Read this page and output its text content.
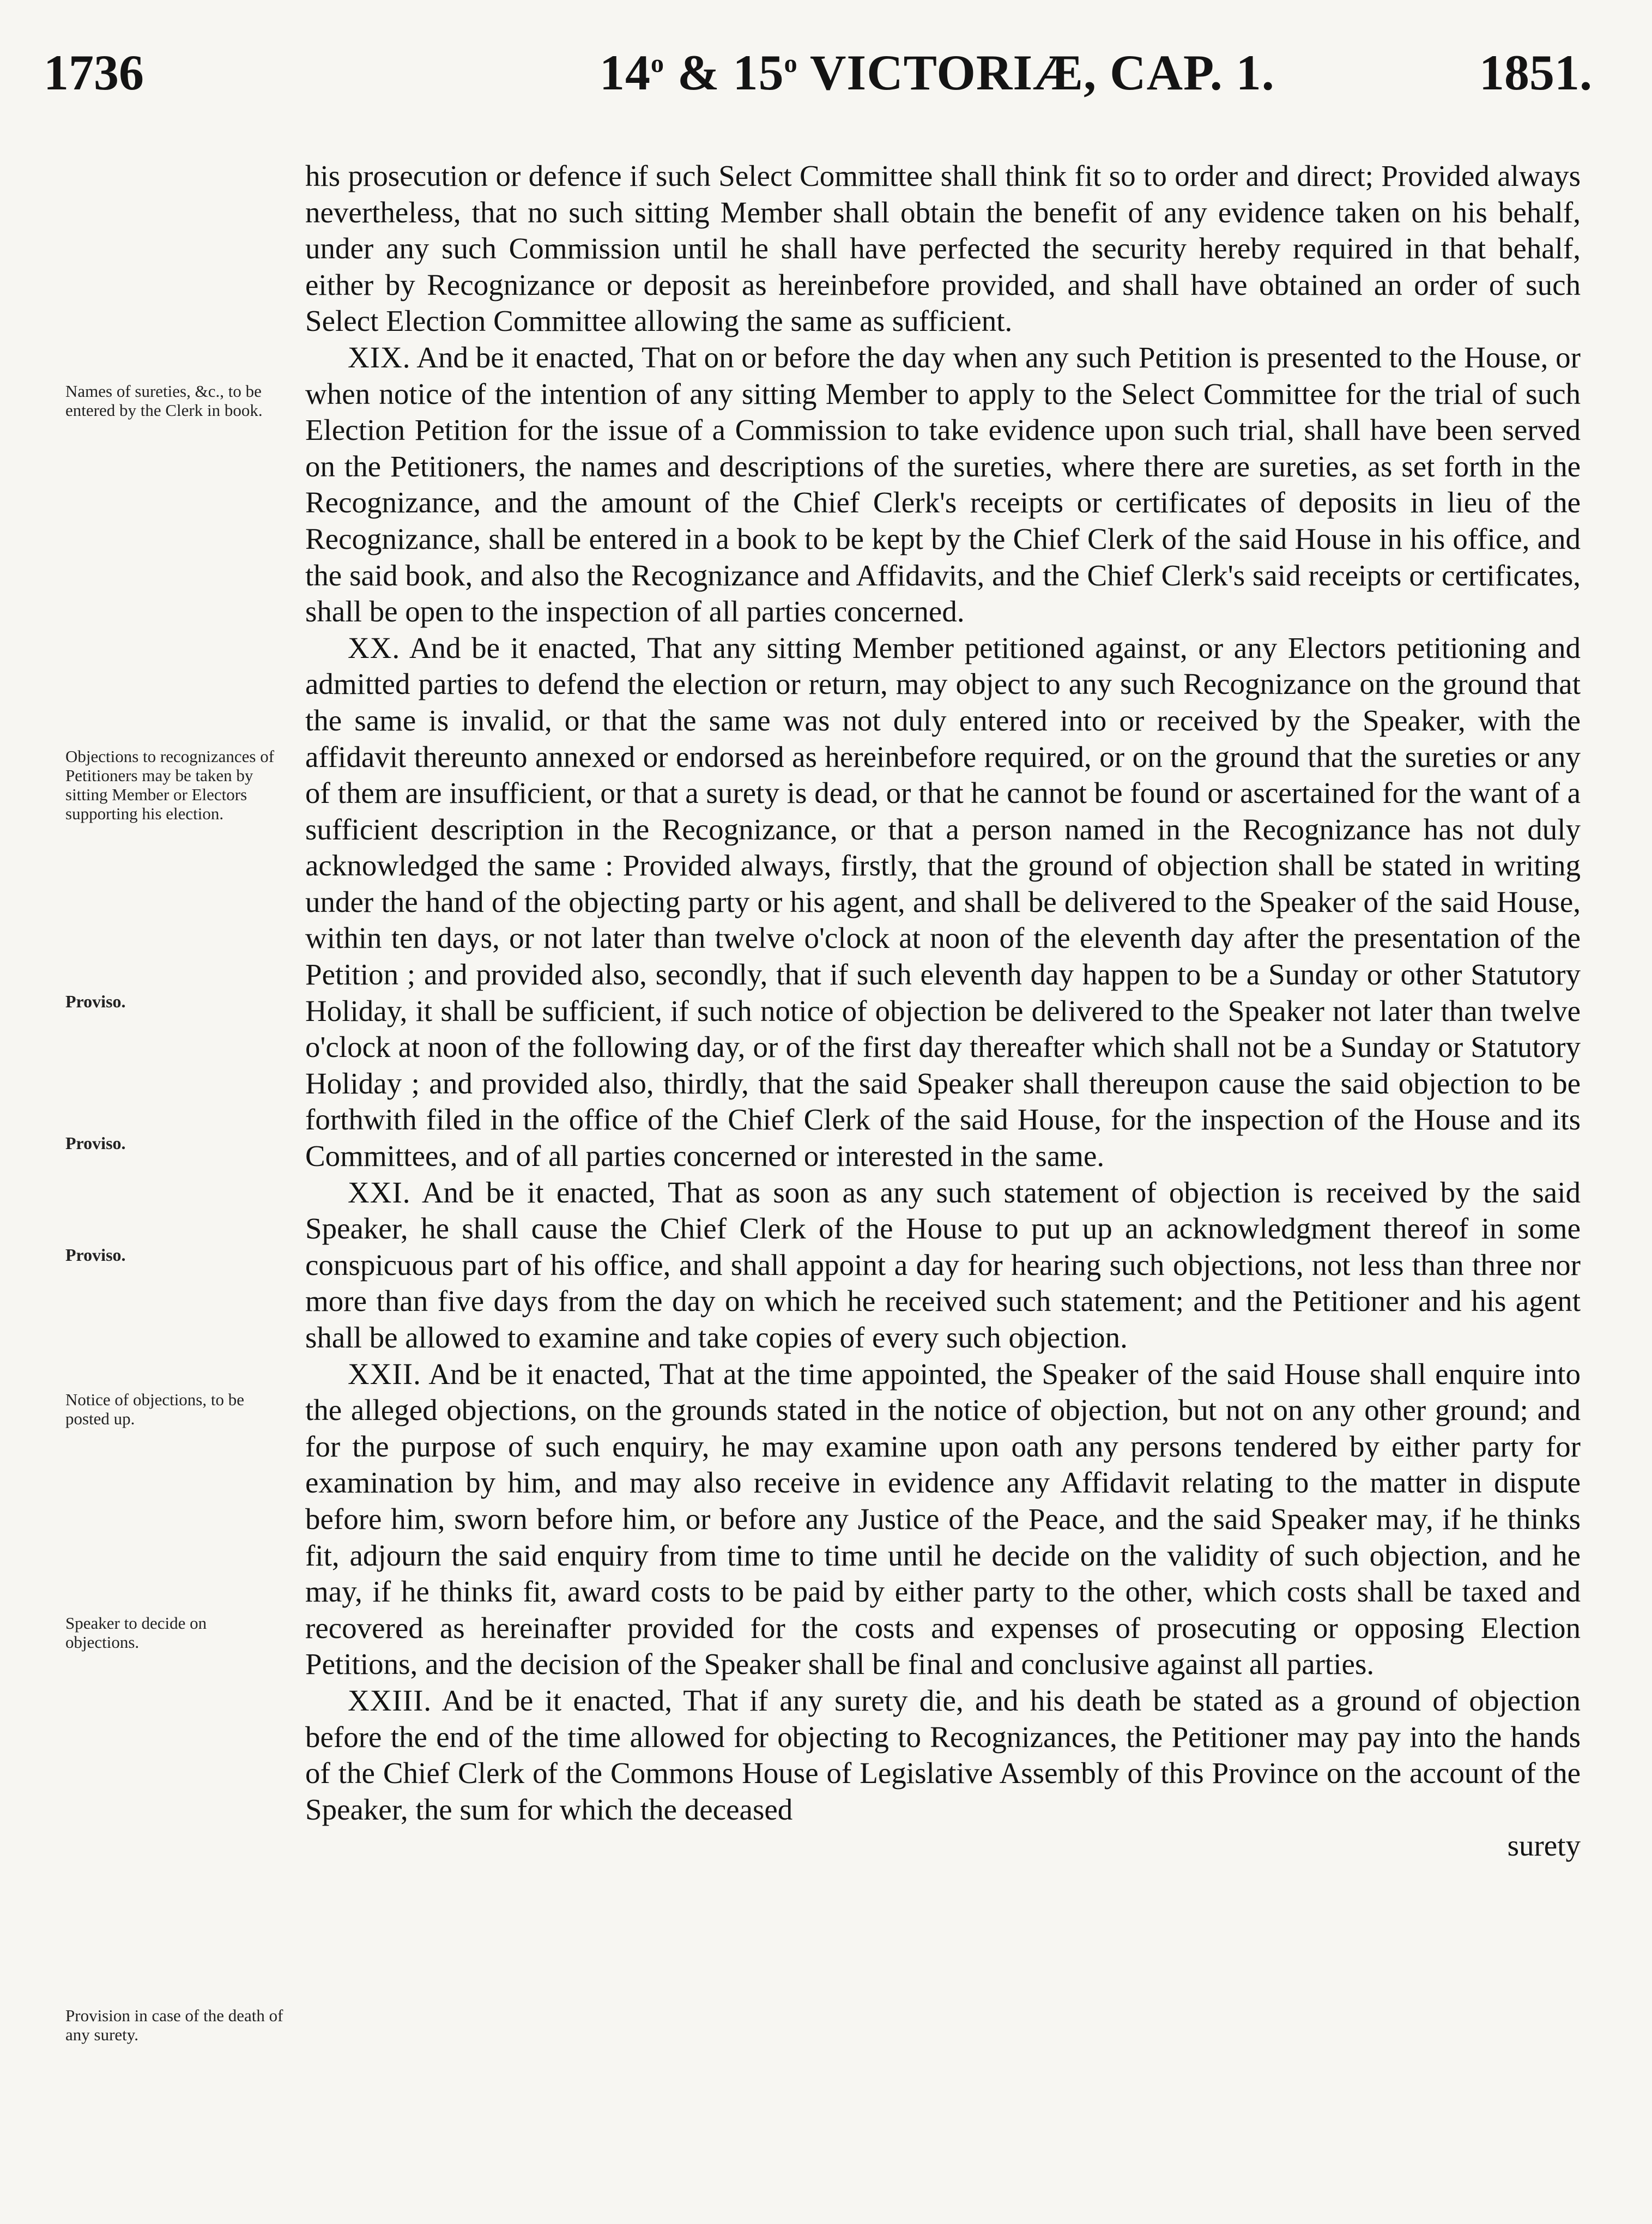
1736	14$^o$ & 15$^o$ VICTORIÆ, CAP. 1.	1851.
Names of sureties, &c., to be entered by the Clerk in book.
Objections to recognizances of Petitioners may be taken by sitting Member or Electors supporting his election.
Proviso.
Proviso.
Proviso.
Notice of objections, to be posted up.
Speaker to decide on objections.
Provision in case of the death of any surety.

his prosecution or defence if such Select Committee shall think fit so to order and direct; Provided always nevertheless, that no such sitting Member shall obtain the benefit of any evidence taken on his behalf, under any such Commission until he shall have perfected the security hereby required in that behalf, either by Recognizance or deposit as hereinbefore provided, and shall have obtained an order of such Select Election Committee allowing the same as sufficient.

XIX. And be it enacted, That on or before the day when any such Petition is presented to the House, or when notice of the intention of any sitting Member to apply to the Select Committee for the trial of such Election Petition for the issue of a Commission to take evidence upon such trial, shall have been served on the Petitioners, the names and descriptions of the sureties, where there are sureties, as set forth in the Recognizance, and the amount of the Chief Clerk's receipts or certificates of deposits in lieu of the Recognizance, shall be entered in a book to be kept by the Chief Clerk of the said House in his office, and the said book, and also the Recognizance and Affidavits, and the Chief Clerk's said receipts or certificates, shall be open to the inspection of all parties concerned.

XX. And be it enacted, That any sitting Member petitioned against, or any Electors petitioning and admitted parties to defend the election or return, may object to any such Recognizance on the ground that the same is invalid, or that the same was not duly entered into or received by the Speaker, with the affidavit thereunto annexed or endorsed as hereinbefore required, or on the ground that the sureties or any of them are insufficient, or that a surety is dead, or that he cannot be found or ascertained for the want of a sufficient description in the Recognizance, or that a person named in the Recognizance has not duly acknowledged the same : Provided always, firstly, that the ground of objection shall be stated in writing under the hand of the objecting party or his agent, and shall be delivered to the Speaker of the said House, within ten days, or not later than twelve o'clock at noon of the eleventh day after the presentation of the Petition ; and provided also, secondly, that if such eleventh day happen to be a Sunday or other Statutory Holiday, it shall be sufficient, if such notice of objection be delivered to the Speaker not later than twelve o'clock at noon of the following day, or of the first day thereafter which shall not be a Sunday or Statutory Holiday ; and provided also, thirdly, that the said Speaker shall thereupon cause the said objection to be forthwith filed in the office of the Chief Clerk of the said House, for the inspection of the House and its Committees, and of all parties concerned or interested in the same.

XXI. And be it enacted, That as soon as any such statement of objection is received by the said Speaker, he shall cause the Chief Clerk of the House to put up an acknowledgment thereof in some conspicuous part of his office, and shall appoint a day for hearing such objections, not less than three nor more than five days from the day on which he received such statement; and the Petitioner and his agent shall be allowed to examine and take copies of every such objection.

XXII. And be it enacted, That at the time appointed, the Speaker of the said House shall enquire into the alleged objections, on the grounds stated in the notice of objection, but not on any other ground; and for the purpose of such enquiry, he may examine upon oath any persons tendered by either party for examination by him, and may also receive in evidence any Affidavit relating to the matter in dispute before him, sworn before him, or before any Justice of the Peace, and the said Speaker may, if he thinks fit, adjourn the said enquiry from time to time until he decide on the validity of such objection, and he may, if he thinks fit, award costs to be paid by either party to the other, which costs shall be taxed and recovered as hereinafter provided for the costs and expenses of prosecuting or opposing Election Petitions, and the decision of the Speaker shall be final and conclusive against all parties.

XXIII. And be it enacted, That if any surety die, and his death be stated as a ground of objection before the end of the time allowed for objecting to Recognizances, the Petitioner may pay into the hands of the Chief Clerk of the Commons House of Legislative Assembly of this Province on the account of the Speaker, the sum for which the deceased

surety
